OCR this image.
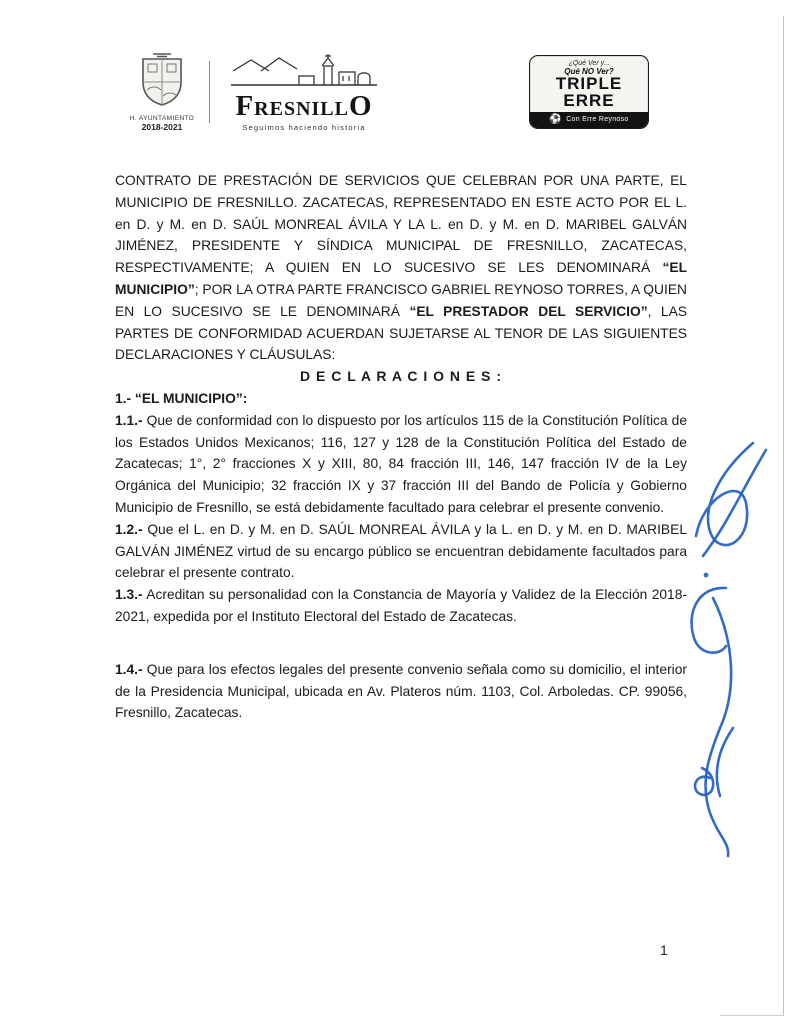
H. AYUNTAMIENTO
2018-2021
FresnillO
Seguimos haciendo historia
¿Qué Ver y...
Qué NO Ver?
TRIPLE
ERRE
⚽ Con Erre Reynoso

CONTRATO DE PRESTACIÓN DE SERVICIOS QUE CELEBRAN POR UNA PARTE, EL MUNICIPIO DE FRESNILLO. ZACATECAS, REPRESENTADO EN ESTE ACTO POR EL L. en D. y M. en D. SAÚL MONREAL ÁVILA Y LA L. en D. y M. en D. MARIBEL GALVÁN JIMÉNEZ, PRESIDENTE Y SÍNDICA MUNICIPAL DE FRESNILLO, ZACATECAS, RESPECTIVAMENTE; A QUIEN EN LO SUCESIVO SE LES DENOMINARÁ “EL MUNICIPIO”; POR LA OTRA PARTE FRANCISCO GABRIEL REYNOSO TORRES, A QUIEN EN LO SUCESIVO SE LE DENOMINARÁ “EL PRESTADOR DEL SERVICIO”, LAS PARTES DE CONFORMIDAD ACUERDAN SUJETARSE AL TENOR DE LAS SIGUIENTES DECLARACIONES Y CLÁUSULAS:

D E C L A R A C I O N E S :

1.- “EL MUNICIPIO”:

1.1.- Que de conformidad con lo dispuesto por los artículos 115 de la Constitución Política de los Estados Unidos Mexicanos; 116, 127 y 128 de la Constitución Política del Estado de Zacatecas; 1°, 2° fracciones X y XIII, 80, 84 fracción III, 146, 147 fracción IV de la Ley Orgánica del Municipio; 32 fracción IX y 37 fracción III del Bando de Policía y Gobierno Municipio de Fresnillo, se está debidamente facultado para celebrar el presente convenio.

1.2.- Que el L. en D. y M. en D. SAÚL MONREAL ÁVILA y la L. en D. y M. en D. MARIBEL GALVÁN JIMÉNEZ virtud de su encargo público se encuentran debidamente facultados para celebrar el presente contrato.

1.3.- Acreditan su personalidad con la Constancia de Mayoría y Validez de la Elección 2018-2021, expedida por el Instituto Electoral del Estado de Zacatecas.

1.4.- Que para los efectos legales del presente convenio señala como su domicilio, el interior de la Presidencia Municipal, ubicada en Av. Plateros núm. 1103, Col. Arboledas. CP. 99056, Fresnillo, Zacatecas.

1
